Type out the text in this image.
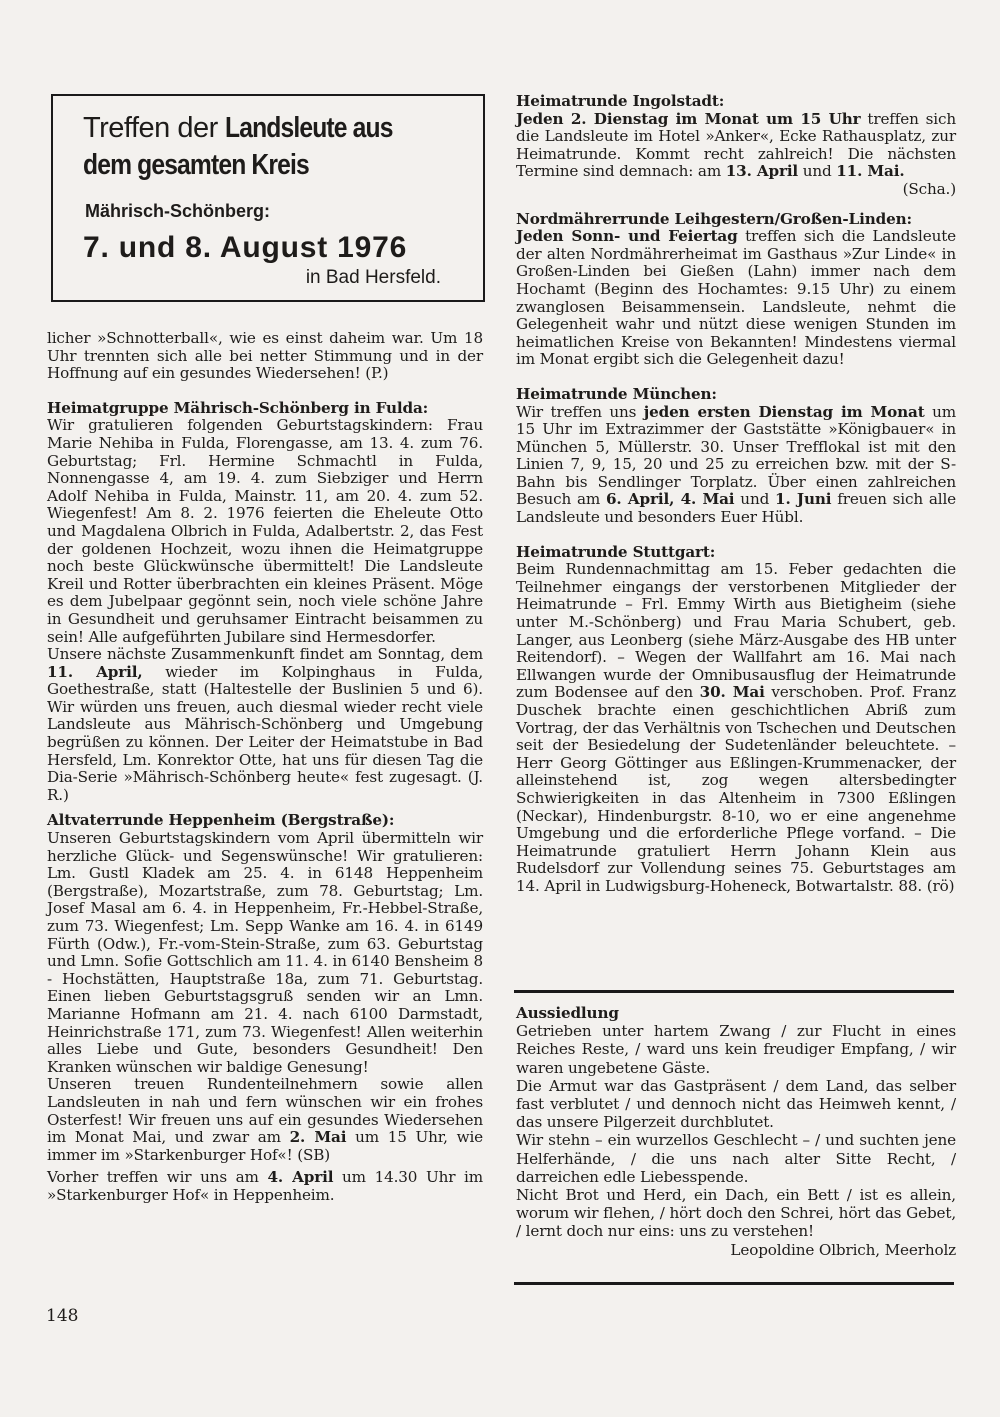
Treffen der Landsleute aus
dem gesamten Kreis
Mährisch-Schönberg:
7. und 8. August 1976
in Bad Hersfeld.

licher »Schnotterball«, wie es einst daheim war. Um 18 Uhr trennten sich alle bei netter Stimmung und in der Hoffnung auf ein gesundes Wiedersehen! (P.)

Heimatgruppe Mährisch-Schönberg in Fulda:

Wir gratulieren folgenden Geburtstagskindern: Frau Marie Nehiba in Fulda, Florengasse, am 13. 4. zum 76. Geburtstag; Frl. Hermine Schmachtl in Fulda, Nonnengasse 4, am 19. 4. zum Siebziger und Herrn Adolf Nehiba in Fulda, Mainstr. 11, am 20. 4. zum 52. Wiegenfest! Am 8. 2. 1976 feierten die Eheleute Otto und Magdalena Olbrich in Fulda, Adalbertstr. 2, das Fest der goldenen Hochzeit, wozu ihnen die Heimatgruppe noch beste Glückwünsche übermittelt! Die Landsleute Kreil und Rotter überbrachten ein kleines Präsent. Möge es dem Jubelpaar gegönnt sein, noch viele schöne Jahre in Gesundheit und geruhsamer Eintracht beisammen zu sein! Alle aufgeführten Jubilare sind Hermesdorfer.

Unsere nächste Zusammenkunft findet am Sonntag, dem 11. April, wieder im Kolpinghaus in Fulda, Goethestraße, statt (Haltestelle der Buslinien 5 und 6). Wir würden uns freuen, auch diesmal wieder recht viele Landsleute aus Mährisch-Schönberg und Umgebung begrüßen zu können. Der Leiter der Heimatstube in Bad Hersfeld, Lm. Konrektor Otte, hat uns für diesen Tag die Dia-Serie »Mährisch-Schönberg heute« fest zugesagt. (J. R.)

Altvaterrunde Heppenheim (Bergstraße):

Unseren Geburtstagskindern vom April übermitteln wir herzliche Glück- und Segenswünsche! Wir gratulieren: Lm. Gustl Kladek am 25. 4. in 6148 Heppenheim (Bergstraße), Mozartstraße, zum 78. Geburtstag; Lm. Josef Masal am 6. 4. in Heppenheim, Fr.-Hebbel-Straße, zum 73. Wiegenfest; Lm. Sepp Wanke am 16. 4. in 6149 Fürth (Odw.), Fr.-vom-Stein-Straße, zum 63. Geburtstag und Lmn. Sofie Gottschlich am 11. 4. in 6140 Bensheim 8 - Hochstätten, Hauptstraße 18a, zum 71. Geburtstag. Einen lieben Geburtstagsgruß senden wir an Lmn. Marianne Hofmann am 21. 4. nach 6100 Darmstadt, Heinrichstraße 171, zum 73. Wiegenfest! Allen weiterhin alles Liebe und Gute, besonders Gesundheit! Den Kranken wünschen wir baldige Genesung!

Unseren treuen Rundenteilnehmern sowie allen Landsleuten in nah und fern wünschen wir ein frohes Osterfest! Wir freuen uns auf ein gesundes Wiedersehen im Monat Mai, und zwar am 2. Mai um 15 Uhr, wie immer im »Starkenburger Hof«! (SB)

Vorher treffen wir uns am 4. April um 14.30 Uhr im »Starkenburger Hof« in Heppenheim.

Heimatrunde Ingolstadt:

Jeden 2. Dienstag im Monat um 15 Uhr treffen sich die Landsleute im Hotel »Anker«, Ecke Rathausplatz, zur Heimatrunde. Kommt recht zahlreich! Die nächsten Termine sind demnach: am 13. April und 11. Mai.

(Scha.)
Nordmährerrunde Leihgestern/Großen-Linden:

Jeden Sonn- und Feiertag treffen sich die Landsleute der alten Nordmährerheimat im Gasthaus »Zur Linde« in Großen-Linden bei Gießen (Lahn) immer nach dem Hochamt (Beginn des Hochamtes: 9.15 Uhr) zu einem zwanglosen Beisammensein. Landsleute, nehmt die Gelegenheit wahr und nützt diese wenigen Stunden im heimatlichen Kreise von Bekannten! Mindestens viermal im Monat ergibt sich die Gelegenheit dazu!

Heimatrunde München:

Wir treffen uns jeden ersten Dienstag im Monat um 15 Uhr im Extrazimmer der Gaststätte »Königbauer« in München 5, Müllerstr. 30. Unser Trefflokal ist mit den Linien 7, 9, 15, 20 und 25 zu erreichen bzw. mit der S-Bahn bis Sendlinger Torplatz. Über einen zahlreichen Besuch am 6. April, 4. Mai und 1. Juni freuen sich alle Landsleute und besonders Euer Hübl.

Heimatrunde Stuttgart:

Beim Rundennachmittag am 15. Feber gedachten die Teilnehmer eingangs der verstorbenen Mitglieder der Heimatrunde – Frl. Emmy Wirth aus Bietigheim (siehe unter M.-Schönberg) und Frau Maria Schubert, geb. Langer, aus Leonberg (siehe März-Ausgabe des HB unter Reitendorf). – Wegen der Wallfahrt am 16. Mai nach Ellwangen wurde der Omnibusausflug der Heimatrunde zum Bodensee auf den 30. Mai verschoben. Prof. Franz Duschek brachte einen geschichtlichen Abriß zum Vortrag, der das Verhältnis von Tschechen und Deutschen seit der Besiedelung der Sudetenländer beleuchtete. – Herr Georg Göttinger aus Eßlingen-Krummenacker, der alleinstehend ist, zog wegen altersbedingter Schwierigkeiten in das Altenheim in 7300 Eßlingen (Neckar), Hindenburgstr. 8-10, wo er eine angenehme Umgebung und die erforderliche Pflege vorfand. – Die Heimatrunde gratuliert Herrn Johann Klein aus Rudelsdorf zur Vollendung seines 75. Geburtstages am 14. April in Ludwigsburg-Hoheneck, Botwartalstr. 88. (rö)

Aussiedlung

Getrieben unter hartem Zwang / zur Flucht in eines Reiches Reste, / ward uns kein freudiger Empfang, / wir waren ungebetene Gäste.

Die Armut war das Gastpräsent / dem Land, das selber fast verblutet / und dennoch nicht das Heimweh kennt, / das unsere Pilgerzeit durchblutet.

Wir stehn – ein wurzellos Geschlecht – / und suchten jene Helferhände, / die uns nach alter Sitte Recht, / darreichen edle Liebesspende.

Nicht Brot und Herd, ein Dach, ein Bett / ist es allein, worum wir flehen, / hört doch den Schrei, hört das Gebet, / lernt doch nur eins: uns zu verstehen!

Leopoldine Olbrich, Meerholz
148
